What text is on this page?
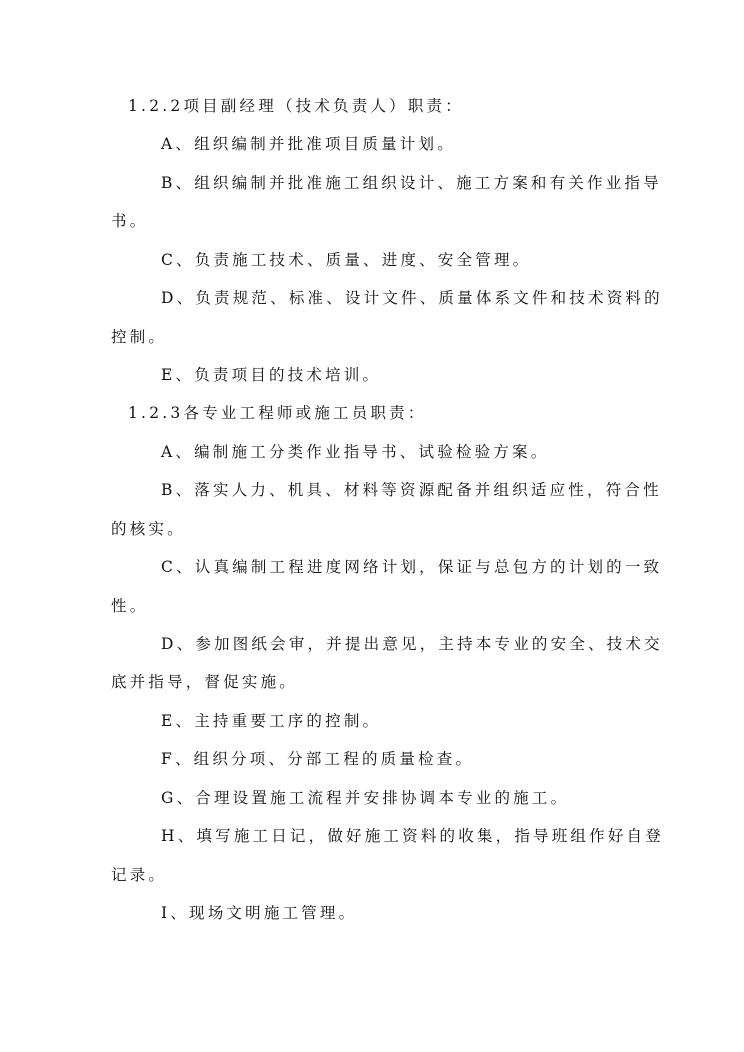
1.2.2项目副经理（技术负责人）职责：
A、组织编制并批准项目质量计划。
B、组织编制并批准施工组织设计、施工方案和有关作业指导
书。
C、负责施工技术、质量、进度、安全管理。
D、负责规范、标准、设计文件、质量体系文件和技术资料的
控制。
E、负责项目的技术培训。
1.2.3各专业工程师或施工员职责：
A、编制施工分类作业指导书、试验检验方案。
B、落实人力、机具、材料等资源配备并组织适应性，符合性
的核实。
C、认真编制工程进度网络计划，保证与总包方的计划的一致
性。
D、参加图纸会审，并提出意见，主持本专业的安全、技术交
底并指导，督促实施。
E、主持重要工序的控制。
F、组织分项、分部工程的质量检查。
G、合理设置施工流程并安排协调本专业的施工。
H、填写施工日记，做好施工资料的收集，指导班组作好自登
记录。
I、现场文明施工管理。
